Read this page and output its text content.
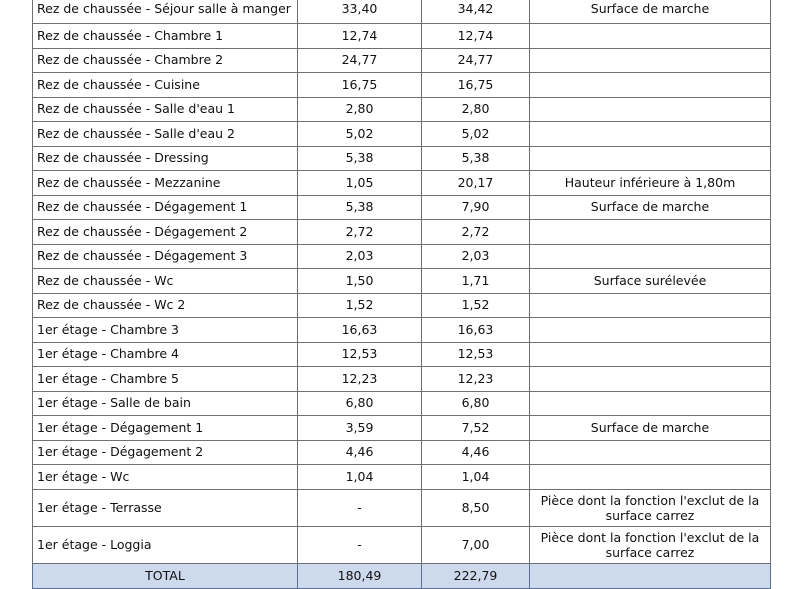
Rez de chaussée - Séjour salle à manger	33,40	34,42	Surface de marche
Rez de chaussée - Chambre 1	12,74	12,74	
Rez de chaussée - Chambre 2	24,77	24,77	
Rez de chaussée - Cuisine	16,75	16,75	
Rez de chaussée - Salle d'eau 1	2,80	2,80	
Rez de chaussée - Salle d'eau 2	5,02	5,02	
Rez de chaussée - Dressing	5,38	5,38	
Rez de chaussée - Mezzanine	1,05	20,17	Hauteur inférieure à 1,80m
Rez de chaussée - Dégagement 1	5,38	7,90	Surface de marche
Rez de chaussée - Dégagement 2	2,72	2,72	
Rez de chaussée - Dégagement 3	2,03	2,03	
Rez de chaussée - Wc	1,50	1,71	Surface surélevée
Rez de chaussée - Wc 2	1,52	1,52	
1er étage - Chambre 3	16,63	16,63	
1er étage - Chambre 4	12,53	12,53	
1er étage - Chambre 5	12,23	12,23	
1er étage - Salle de bain	6,80	6,80	
1er étage - Dégagement 1	3,59	7,52	Surface de marche
1er étage - Dégagement 2	4,46	4,46	
1er étage - Wc	1,04	1,04	
1er étage - Terrasse	-	8,50	Pièce dont la fonction l'exclut de la surface carrez
1er étage - Loggia	-	7,00	Pièce dont la fonction l'exclut de la surface carrez
TOTAL	180,49	222,79	
